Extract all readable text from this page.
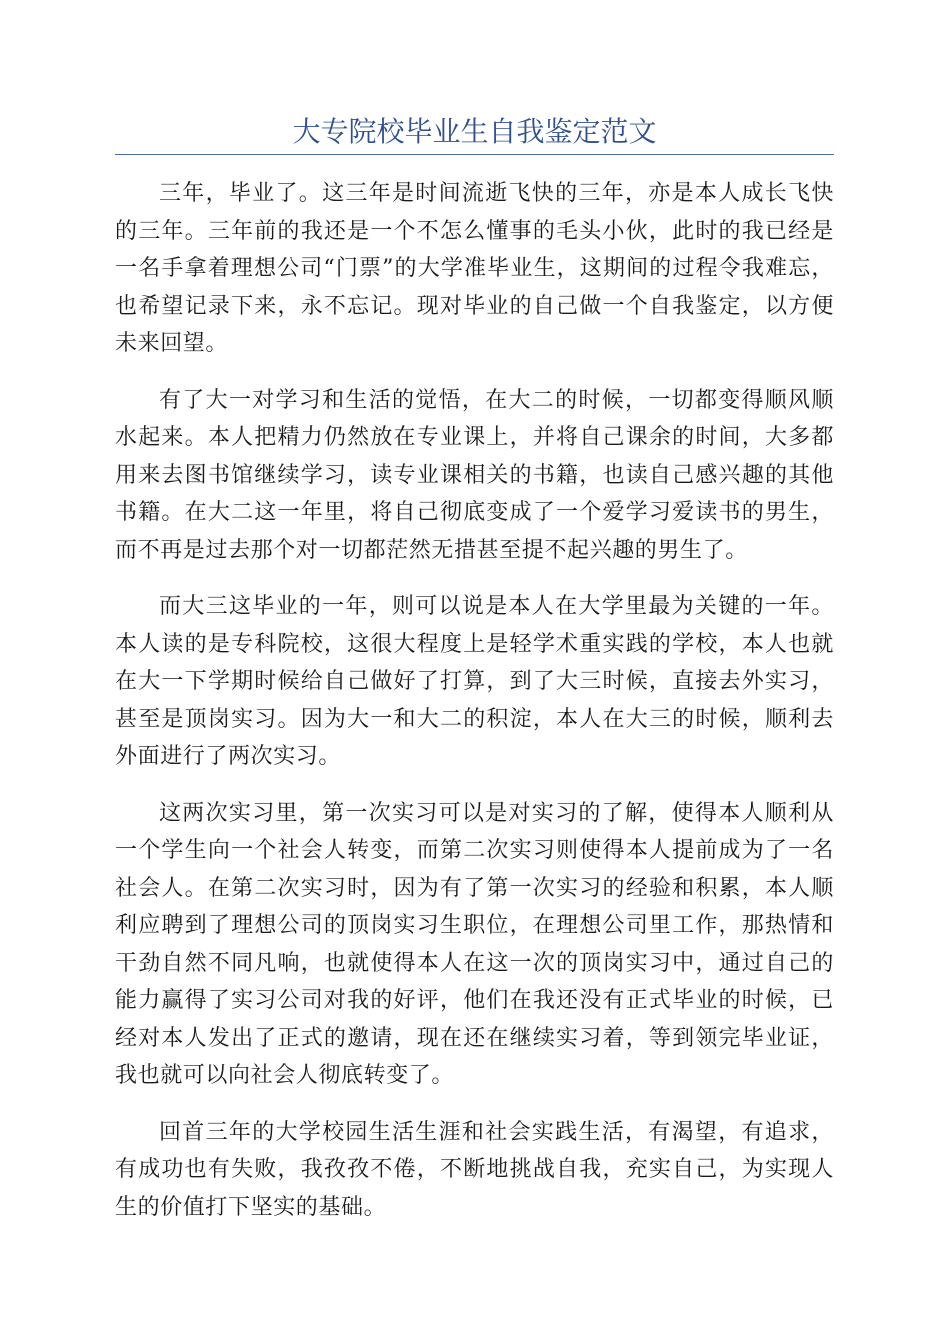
大专院校毕业生自我鉴定范文

三年，毕业了。这三年是时间流逝飞快的三年，亦是本人成长飞快的三年。三年前的我还是一个不怎么懂事的毛头小伙，此时的我已经是一名手拿着理想公司“门票”的大学准毕业生，这期间的过程令我难忘，也希望记录下来，永不忘记。现对毕业的自己做一个自我鉴定，以方便未来回望。

有了大一对学习和生活的觉悟，在大二的时候，一切都变得顺风顺水起来。本人把精力仍然放在专业课上，并将自己课余的时间，大多都用来去图书馆继续学习，读专业课相关的书籍，也读自己感兴趣的其他书籍。在大二这一年里，将自己彻底变成了一个爱学习爱读书的男生，而不再是过去那个对一切都茫然无措甚至提不起兴趣的男生了。

而大三这毕业的一年，则可以说是本人在大学里最为关键的一年。本人读的是专科院校，这很大程度上是轻学术重实践的学校，本人也就在大一下学期时候给自己做好了打算，到了大三时候，直接去外实习，甚至是顶岗实习。因为大一和大二的积淀，本人在大三的时候，顺利去外面进行了两次实习。

这两次实习里，第一次实习可以是对实习的了解，使得本人顺利从一个学生向一个社会人转变，而第二次实习则使得本人提前成为了一名社会人。在第二次实习时，因为有了第一次实习的经验和积累，本人顺利应聘到了理想公司的顶岗实习生职位，在理想公司里工作，那热情和干劲自然不同凡响，也就使得本人在这一次的顶岗实习中，通过自己的能力赢得了实习公司对我的好评，他们在我还没有正式毕业的时候，已经对本人发出了正式的邀请，现在还在继续实习着，等到领完毕业证，我也就可以向社会人彻底转变了。

回首三年的大学校园生活生涯和社会实践生活，有渴望，有追求，有成功也有失败，我孜孜不倦，不断地挑战自我，充实自己，为实现人生的价值打下坚实的基础。
